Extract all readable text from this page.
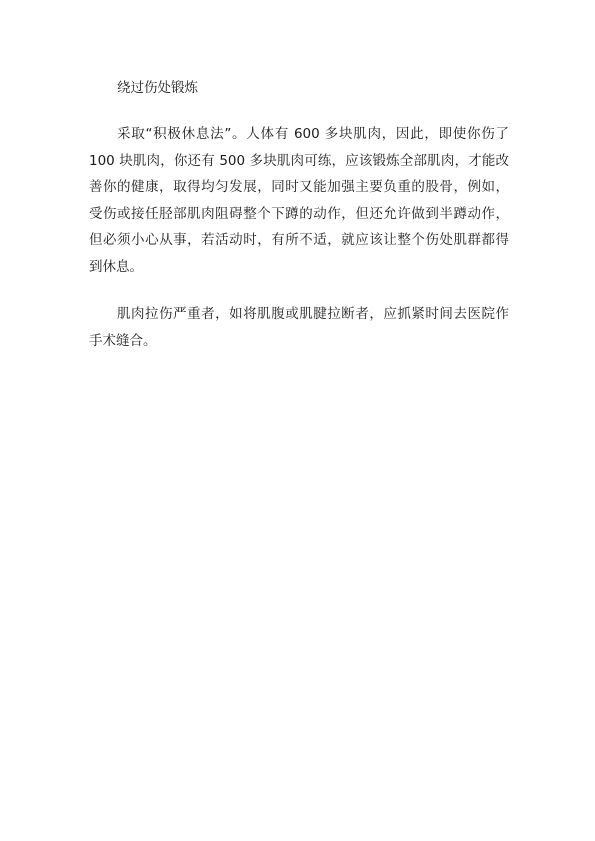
绕过伤处锻炼

采取“积极休息法”。人体有 600 多块肌肉，因此，即使你伤了
100 块肌肉，你还有 500 多块肌肉可练，应该锻炼全部肌肉，才能改
善你的健康，取得均匀发展，同时又能加强主要负重的股骨，例如，
受伤或接任胫部肌肉阻碍整个下蹲的动作，但还允许做到半蹲动作，
但必须小心从事，若活动时，有所不适，就应该让整个伤处肌群都得
到休息。

肌肉拉伤严重者，如将肌腹或肌腱拉断者，应抓紧时间去医院作
手术缝合。
